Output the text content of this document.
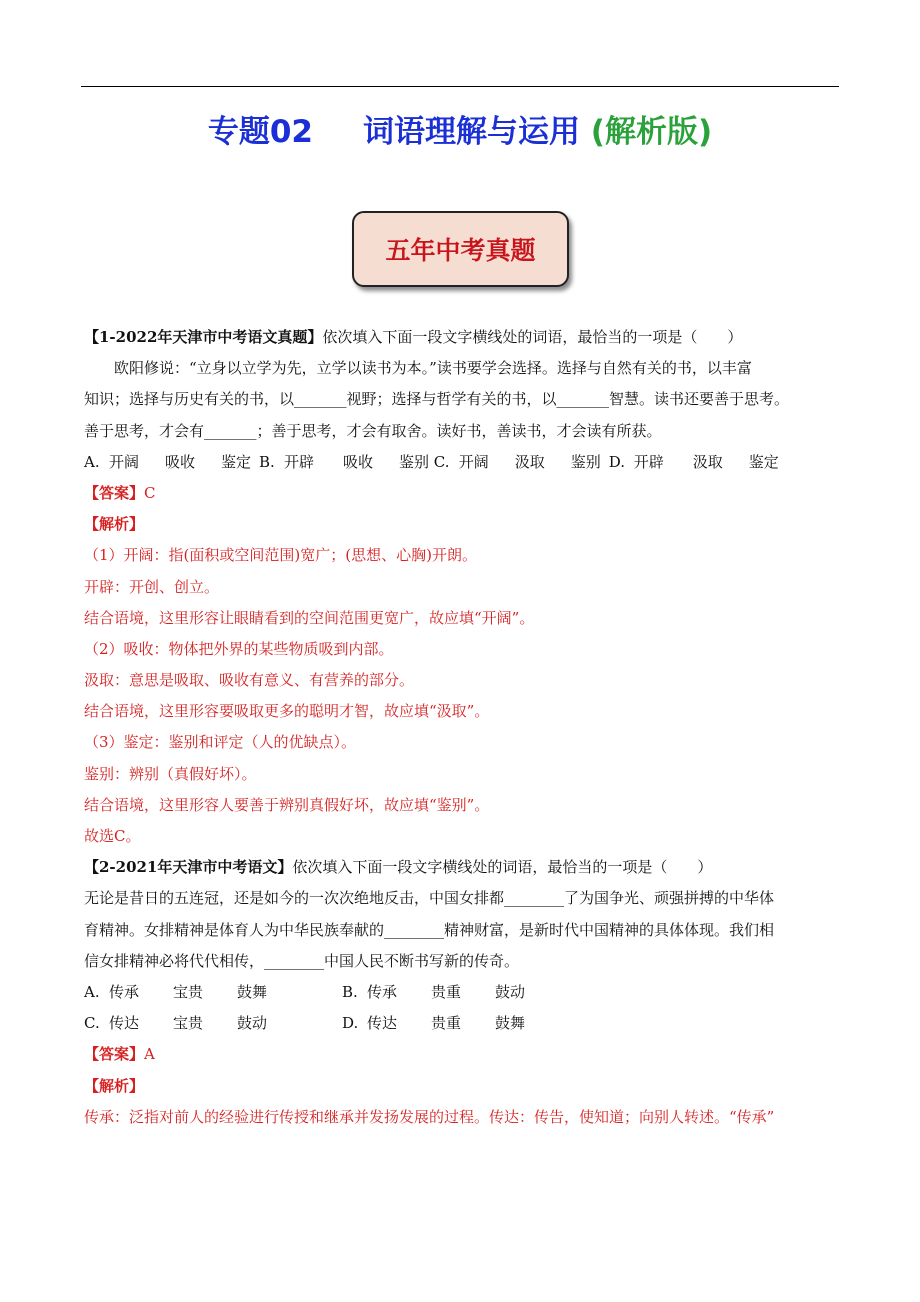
专题02 词语理解与运用 (解析版)
五年中考真题
【1-2022年天津市中考语文真题】依次填入下面一段文字横线处的词语，最恰当的一项是（　　）
欧阳修说：“立身以立学为先，立学以读书为本。”读书要学会选择。选择与自然有关的书，以丰富
知识；选择与历史有关的书，以_______视野；选择与哲学有关的书，以_______智慧。读书还要善于思考。
善于思考，才会有_______；善于思考，才会有取舍。读好书，善读书，才会读有所获。
A. 开阔 吸收 鉴定 B. 开辟 吸收 鉴别 C. 开阔 汲取 鉴别 D. 开辟 汲取 鉴定
【答案】C
【解析】
（1）开阔：指(面积或空间范围)宽广；(思想、心胸)开朗。
开辟：开创、创立。
结合语境，这里形容让眼睛看到的空间范围更宽广，故应填“开阔”。
（2）吸收：物体把外界的某些物质吸到内部。
汲取：意思是吸取、吸收有意义、有营养的部分。
结合语境，这里形容要吸取更多的聪明才智，故应填“汲取”。
（3）鉴定：鉴别和评定（人的优缺点）。
鉴别：辨别（真假好坏）。
结合语境，这里形容人要善于辨别真假好坏，故应填“鉴别”。
故选C。
【2-2021年天津市中考语文】依次填入下面一段文字横线处的词语，最恰当的一项是（　　）
无论是昔日的五连冠，还是如今的一次次绝地反击，中国女排都________了为国争光、顽强拼搏的中华体
育精神。女排精神是体育人为中华民族奉献的________精神财富，是新时代中国精神的具体体现。我们相
信女排精神必将代代相传，________中国人民不断书写新的传奇。
A. 传承 宝贵 鼓舞	B. 传承 贵重 鼓动 C. 传达 宝贵 鼓动	D. 传达 贵重 鼓舞
【答案】A
【解析】
传承：泛指对前人的经验进行传授和继承并发扬发展的过程。传达：传告，使知道；向别人转述。“传承”
